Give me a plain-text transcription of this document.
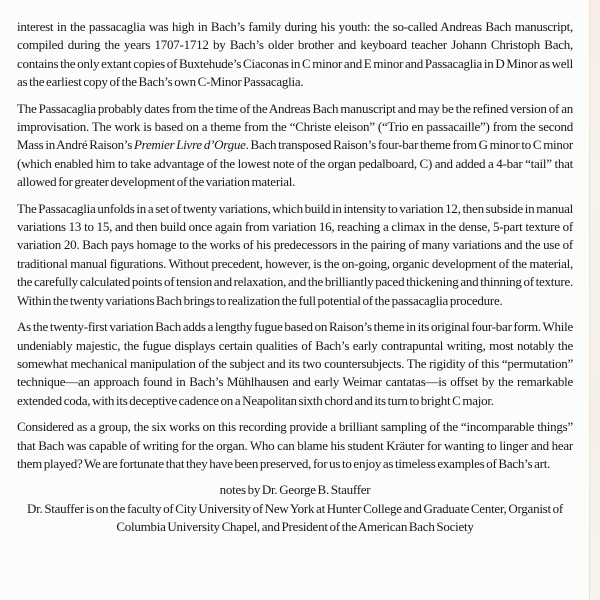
interest in the passacaglia was high in Bach’s family during his youth: the so-called Andreas Bach manuscript, compiled during the years 1707-1712 by Bach’s older brother and keyboard teacher Johann Christoph Bach, contains the only extant copies of Buxtehude’s Ciaconas in C minor and E minor and Passacaglia in D Minor as well as the earliest copy of the Bach’s own C-Minor Passacaglia.

The Passacaglia probably dates from the time of the Andreas Bach manuscript and may be the refined version of an improvisation. The work is based on a theme from the “Christe eleison” (“Trio en passacaille”) from the second Mass in André Raison’s Premier Livre d’Orgue. Bach transposed Raison’s four-bar theme from G minor to C minor (which enabled him to take advantage of the lowest note of the organ pedalboard, C) and added a 4-bar “tail” that allowed for greater development of the variation material.

The Passacaglia unfolds in a set of twenty variations, which build in intensity to variation 12, then subside in manual variations 13 to 15, and then build once again from variation 16, reaching a climax in the dense, 5-part texture of variation 20. Bach pays homage to the works of his predecessors in the pairing of many variations and the use of traditional manual figurations. Without precedent, however, is the on-going, organic development of the material, the carefully calculated points of tension and relaxation, and the brilliantly paced thickening and thinning of texture. Within the twenty variations Bach brings to realization the full potential of the passacaglia procedure.

As the twenty-first variation Bach adds a lengthy fugue based on Raison’s theme in its original four-bar form. While undeniably majestic, the fugue displays certain qualities of Bach’s early contrapuntal writing, most notably the somewhat mechanical manipulation of the subject and its two countersubjects. The rigidity of this “permutation” technique—an approach found in Bach’s Mühlhausen and early Weimar cantatas—is offset by the remarkable extended coda, with its deceptive cadence on a Neapolitan sixth chord and its turn to bright C major.

Considered as a group, the six works on this recording provide a brilliant sampling of the “incomparable things” that Bach was capable of writing for the organ. Who can blame his student Kräuter for wanting to linger and hear them played? We are fortunate that they have been preserved, for us to enjoy as timeless examples of Bach’s art.

notes by Dr. George B. Stauffer

Dr. Stauffer is on the faculty of City University of New York at Hunter College and Graduate Center, Organist of Columbia University Chapel, and President of the American Bach Society
